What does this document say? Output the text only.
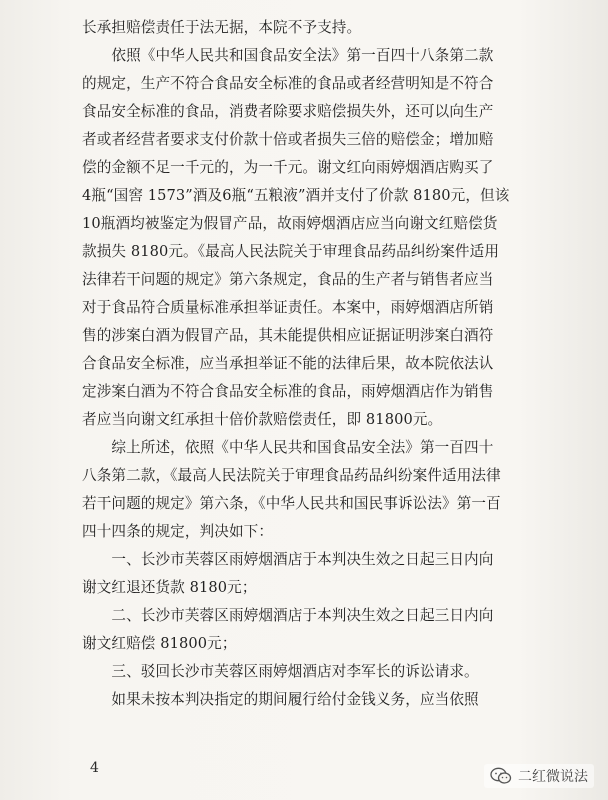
长承担赔偿责任于法无据，本院不予支持。
　　依照《中华人民共和国食品安全法》第一百四十八条第二款
的规定，生产不符合食品安全标准的食品或者经营明知是不符合
食品安全标准的食品，消费者除要求赔偿损失外，还可以向生产
者或者经营者要求支付价款十倍或者损失三倍的赔偿金；增加赔
偿的金额不足一千元的，为一千元。谢文红向雨婷烟酒店购买了
4瓶“国窖 1573”酒及6瓶“五粮液”酒并支付了价款 8180元，但该
10瓶酒均被鉴定为假冒产品，故雨婷烟酒店应当向谢文红赔偿货
款损失 8180元。《最高人民法院关于审理食品药品纠纷案件适用
法律若干问题的规定》第六条规定，食品的生产者与销售者应当
对于食品符合质量标准承担举证责任。本案中，雨婷烟酒店所销
售的涉案白酒为假冒产品，其未能提供相应证据证明涉案白酒符
合食品安全标准，应当承担举证不能的法律后果，故本院依法认
定涉案白酒为不符合食品安全标准的食品，雨婷烟酒店作为销售
者应当向谢文红承担十倍价款赔偿责任，即 81800元。
　　综上所述，依照《中华人民共和国食品安全法》第一百四十
八条第二款，《最高人民法院关于审理食品药品纠纷案件适用法律
若干问题的规定》第六条，《中华人民共和国民事诉讼法》第一百
四十四条的规定，判决如下：
　　一、长沙市芙蓉区雨婷烟酒店于本判决生效之日起三日内向
谢文红退还货款 8180元；
　　二、长沙市芙蓉区雨婷烟酒店于本判决生效之日起三日内向
谢文红赔偿 81800元；
　　三、驳回长沙市芙蓉区雨婷烟酒店对李军长的诉讼请求。
　　如果未按本判决指定的期间履行给付金钱义务，应当依照
4
二红微说法
